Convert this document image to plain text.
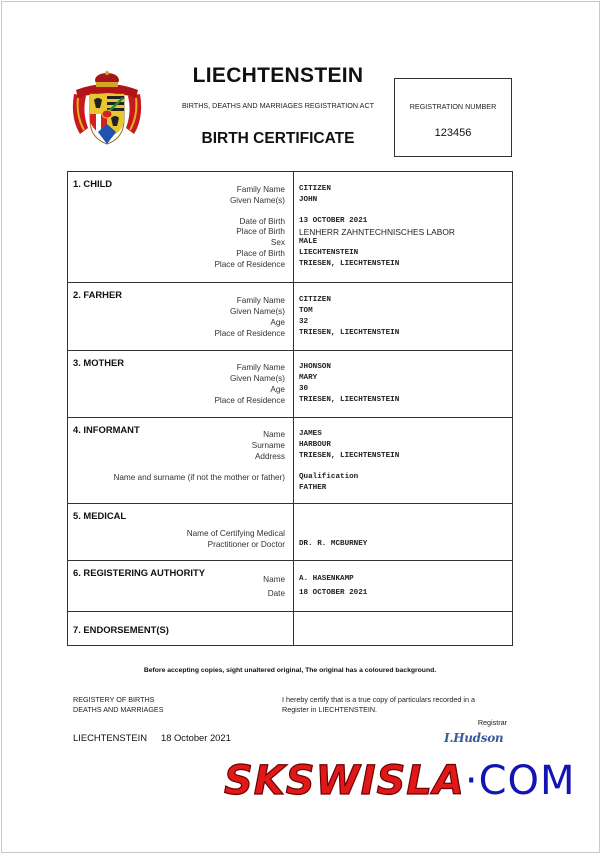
LIECHTENSTEIN
BIRTHS, DEATHS AND MARRIAGES REGISTRATION ACT
BIRTH CERTIFICATE
REGISTRATION NUMBER
123456
1. CHILD
Family Name CITIZEN
Given Name(s) JOHN
Date of Birth 13 OCTOBER 2021
Place of Birth LENHERR ZAHNTECHNISCHES LABOR
Sex MALE
Place of Birth LIECHTENSTEIN
Place of Residence TRIESEN, LIECHTENSTEIN
2. FARHER
Family Name CITIZEN
Given Name(s) TOM
Age 32
Place of Residence TRIESEN, LIECHTENSTEIN
3. MOTHER	Family Name JHONSON
Given Name(s) MARY
Age 30
Place of Residence TRIESEN, LIECHTENSTEIN
4. INFORMANT	Name JAMES
Surname HARBOUR
Address TRIESEN, LIECHTENSTEIN
Name and surname (if not the mother or father) Qualification
FATHER
5. MEDICAL
Name of Certifying Medical
Practitioner or Doctor DR. R. MCBURNEY
6. REGISTERING AUTHORITY
Name A. HASENKAMP
Date 18 OCTOBER 2021
7. ENDORSEMENT(S)
Before accepting copies, sight unaltered original, The original has a coloured background.
REGISTERY OF BIRTHS
DEATHS AND MARRIAGES
I hereby certify that is a true copy of particulars recorded in a
Register in LIECHTENSTEIN.
Registrar
LIECHTENSTEIN 18 October 2021	I.Hudson
SKSWISLA·COM
